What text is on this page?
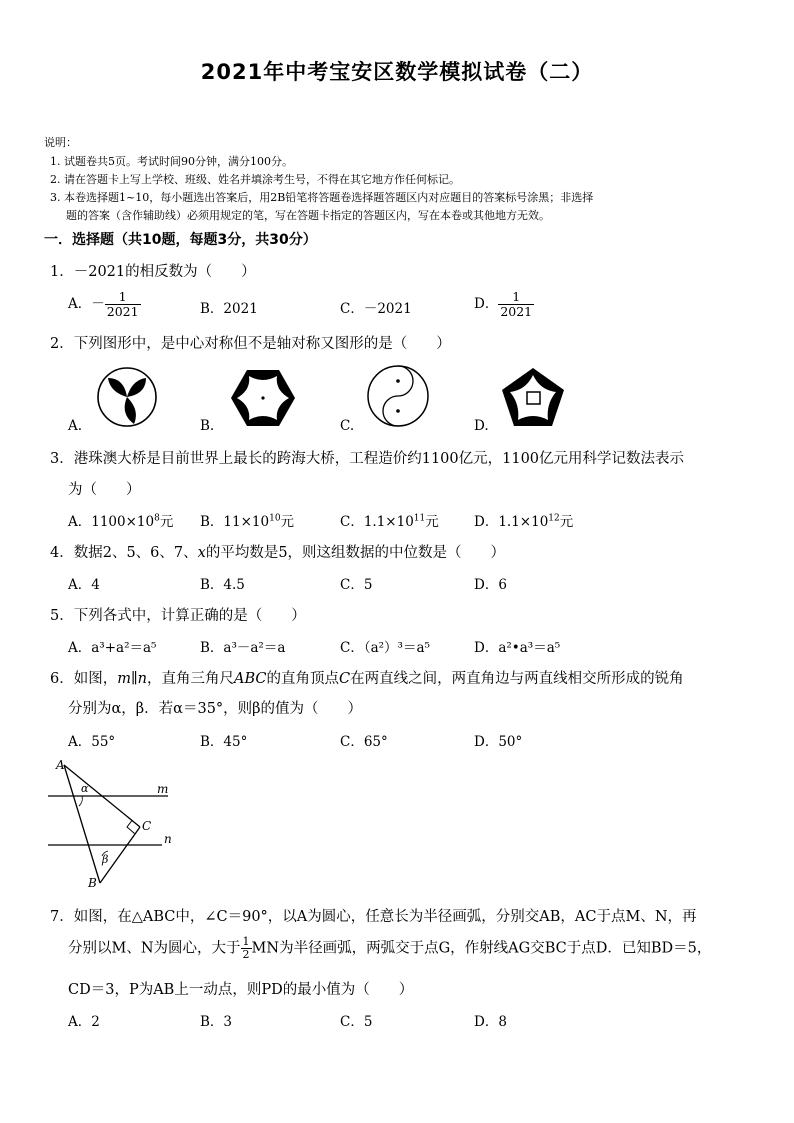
2021年中考宝安区数学模拟试卷（二）
说明：
1. 试题卷共5页。考试时间90分钟，满分100分。
2. 请在答题卡上写上学校、班级、姓名并填涂考生号，不得在其它地方作任何标记。
3. 本卷选择题1~10，每小题选出答案后，用2B铅笔将答题卷选择题答题区内对应题目的答案标号涂黑；非选择
题的答案（含作辅助线）必须用规定的笔，写在答题卡指定的答题区内，写在本卷或其他地方无效。
一．选择题（共10题，每题3分，共30分）
1．－2021的相反数为（　　）
A．－ $\frac{1}{2021}$	B．2021	C．－2021	D． $\frac{1}{2021}$
2．下列图形中，是中心对称但不是轴对称又图形的是（　　）
A.	B.	C.	D.
3．港珠澳大桥是目前世界上最长的跨海大桥，工程造价约1100亿元，1100亿元用科学记数法表示
为（　　）
A．$1100\times 10^8$元 B．$11\times 10^{10}$元	C．$1.1\times 10^{11}$元	D．$1.1\times 10^{12}$元
4．数据2、5、6、7、x的平均数是5，则这组数据的中位数是（　　）
A．4	B．4.5	C．5	D．6
5．下列各式中，计算正确的是（　　）
A．a³+a²＝a⁵	B．a³－a²＝a	C．（a²）³＝a⁵	D．a²•a³＝a⁵
6．如图，m∥n，直角三角尺ABC的直角顶点C在两直线之间，两直角边与两直线相交所形成的锐角
分别为α，β．若α＝35°，则β的值为（　　）
A．55°	B．45°	C．65°	D．50°
A
α	m
C
n
β
B
7．如图，在△ABC中，∠C＝90°，以A为圆心，任意长为半径画弧，分别交AB，AC于点M、N，再
分别以M、N为圆心，大于 $\frac{1}{2}$ MN为半径画弧，两弧交于点G，作射线AG交BC于点D．已知BD＝5，
CD＝3，P为AB上一动点，则PD的最小值为（　　）
A．2	B．3	C．5	D．8
